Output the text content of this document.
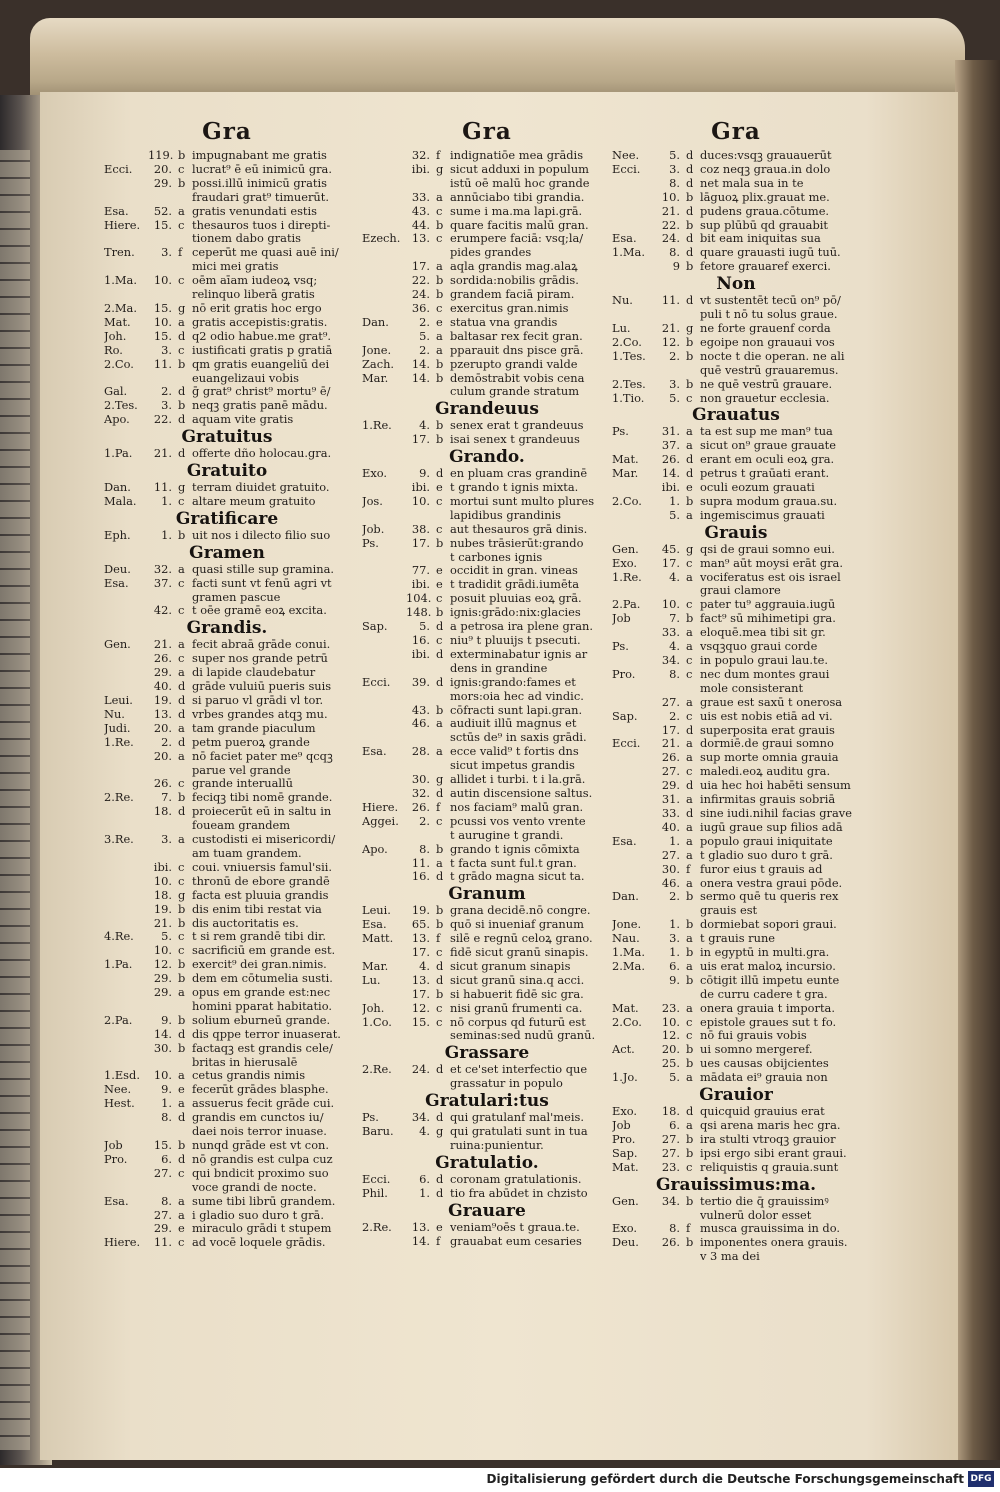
Gra
119. b impugnabant me gratis
Ecci.	20. c lucrat⁹ ē eū inimicū gra.
29. b possi.illū inimicū gratis
fraudari grat⁹ timuerūt.
Esa.	52. a gratis venundati estis
Hiere.	15. c thesauros tuos i direpti-
tionem dabo gratis
Tren.	3. f ceperūt me quasi auē ini/
mici mei gratis
1.Ma.	10. c oēm aīam iudeoꝝ vsq;
relinquo liberā gratis
2.Ma.	15. g nō erit gratis hoc ergo
Mat.	10. a gratis accepistis:gratis.
Joh.	15. d q2 odio habue.me grat⁹.
Ro.	3. c iustificati gratis p gratiā
2.Co.	11. b qm gratis euangeliū dei
euangelizaui vobis
Gal.	2. d ḡ grat⁹ christ⁹ mortu⁹ ē/
2.Tes.	3. b neqꝫ gratis panē mādu.
Apo.	22. d aquam vite gratis
Gratuitus
1.Pa.	21. d offerte dño holocau.gra.
Gratuito
Dan.	11. g terram diuidet gratuito.
Mala.	1. c altare meum gratuito
Gratificare
Eph.	1. b uit nos i dilecto filio suo
Gramen
Deu.	32. a quasi stille sup gramina.
Esa.	37. c facti sunt vt fenū agri vt
gramen pascue
42. c t oēe gramē eoꝝ excita.
Grandis.
Gen.	21. a fecit abraā grāde conui.
26. c super nos grande petrū
29. a di lapide claudebatur
40. d grāde vuluiū pueris suis
Leui.	19. d si paruo vl grādi vl tor.
Nu.	13. d vrbes grandes atqꝫ mu.
Judi.	20. a tam grande piaculum
1.Re.	2. d petm pueroꝝ grande
20. a nō faciet pater me⁹ qcqꝫ
parue vel grande
26. c grande interuallū
2.Re.	7. b feciqꝫ tibi nomē grande.
18. d proiecerūt eū in saltu in
foueam grandem
3.Re.	3. a custodisti ei misericordi/
am tuam grandem.
ibi. c coui. vniuersis famul'sii.
10. c thronū de ebore grandē
18. g facta est pluuia grandis
19. b dis enim tibi restat via
21. b dis auctoritatis es.
4.Re.	5. c t si rem grandē tibi dir.
10. c sacrificiū em grande est.
1.Pa.	12. b exercit⁹ dei gran.nimis.
29. b dem em cōtumelia susti.
29. a opus em grande est:nec
homini pparat habitatio.
2.Pa.	9. b solium eburneū grande.
14. d dis qppe terror inuaserat.
30. b factaqꝫ est grandis cele/
britas in hierusalē
1.Esd.	10. a cetus grandis nimis
Nee.	9. e fecerūt grādes blasphe.
Hest.	1. a assuerus fecit grāde cui.
8. d grandis em cunctos iu/
daei nois terror inuase.
Job	15. b nunqd grāde est vt con.
Pro.	6. d nō grandis est culpa cuz
27. c qui bndicit proximo suo
voce grandi de nocte.
Esa.	8. a sume tibi librū grandem.
27. a i gladio suo duro t grā.
29. e miraculo grādi t stupem
Hiere.	11. c ad vocē loquele grādis.
Gra
32. f indignatiōe mea grādis
ibi. g sicut adduxi in populum
istū oē malū hoc grande
33. a annūciabo tibi grandia.
43. c sume i ma.ma lapi.grā.
44. b quare facitis malū gran.
Ezech.	13. c erumpere faciā: vsq;la/
pides grandes
17. a aqla grandis mag.alaꝝ
22. b sordida:nobilis grādis.
24. b grandem faciā piram.
36. c exercitus gran.nimis
Dan.	2. e statua vna grandis
5. a baltasar rex fecit gran.
Jone.	2. a pparauit dns pisce grā.
Zach.	14. b pzerupto grandi valde
Mar.	14. b demōstrabit vobis cena
culum grande stratum
Grandeuus
1.Re.	4. b senex erat t grandeuus
17. b isai senex t grandeuus
Grando.
Exo.	9. d en pluam cras grandinē
ibi. e t grando t ignis mixta.
Jos.	10. c mortui sunt multo plures
lapidibus grandinis
Job.	38. c aut thesauros grā dinis.
Ps.	17. b nubes trāsierūt:grando
t carbones ignis
77. e occidit in gran. vineas
ibi. e t tradidit grādi.iumēta
104. c posuit pluuias eoꝝ grā.
148. b ignis:grādo:nix:glacies
Sap.	5. d a petrosa ira plene gran.
16. c niu⁹ t pluuijs t psecuti.
ibi. d exterminabatur ignis ar
dens in grandine
Ecci.	39. d ignis:grando:fames et
mors:oia hec ad vindic.
43. b cōfracti sunt lapi.gran.
46. a audiuit illū magnus et
sctūs de⁹ in saxis grādi.
Esa.	28. a ecce valid⁹ t fortis dns
sicut impetus grandis
30. g allidet i turbi. t i la.grā.
32. d autin discensione saltus.
Hiere.	26. f nos faciam⁹ malū gran.
Aggei.	2. c pcussi vos vento vrente
t aurugine t grandi.
Apo.	8. b grando t ignis cōmixta
11. a t facta sunt ful.t gran.
16. d t grādo magna sicut ta.
Granum
Leui.	19. b grana decidē.nō congre.
Esa.	65. b quō si inueniaf granum
Matt.	13. f silē e regnū celoꝝ grano.
17. c fidē sicut granū sinapis.
Mar.	4. d sicut granum sinapis
Lu.	13. d sicut granū sina.q acci.
17. b si habuerit fidē sic gra.
Joh.	12. c nisi granū frumenti ca.
1.Co.	15. c nō corpus qd futurū est
seminas:sed nudū granū.
Grassare
2.Re.	24. d et ce'set interfectio que
grassatur in populo
Gratulari:tus
Ps.	34. d qui gratulanf mal'meis.
Baru.	4. g qui gratulati sunt in tua
ruina:punientur.
Gratulatio.
Ecci.	6. d coronam gratulationis.
Phil.	1. d tio fra abūdet in chzisto
Grauare
2.Re.	13. e veniam⁹oēs t graua.te.
14. f grauabat eum cesaries
Gra
Nee.	5. d duces:vsqꝫ grauauerūt
Ecci.	3. d coz neqꝫ graua.in dolo
8. d net mala sua in te
10. b lāguoꝝ plix.grauat me.
21. d pudens graua.cōtume.
22. b sup plūbū qd grauabit
Esa.	24. d bit eam iniquitas sua
1.Ma.	8. d quare grauasti iugū tuū.
9 b fetore grauaref exerci.
Non
Nu.	11. d vt sustentēt tecū on⁹ pō/
puli t nō tu solus graue.
Lu.	21. g ne forte grauenf corda
2.Co.	12. b egoipe non grauaui vos
1.Tes.	2. b nocte t die operan. ne ali
quē vestrū grauaremus.
2.Tes.	3. b ne quē vestrū grauare.
1.Tio.	5. c non grauetur ecclesia.
Grauatus
Ps.	31. a ta est sup me man⁹ tua
37. a sicut on⁹ graue grauate
Mat.	26. d erant em oculi eoꝝ gra.
Mar.	14. d petrus t graūati erant.
ibi. e oculi eozum grauati
2.Co.	1. b supra modum graua.su.
5. a ingemiscimus grauati
Grauis
Gen.	45. g qsi de graui somno eui.
Exo.	17. c man⁹ aūt moysi erāt gra.
1.Re.	4. a vociferatus est ois israel
graui clamore
2.Pa.	10. c pater tu⁹ aggrauia.iugū
Job	7. b fact⁹ sū mihimetipi gra.
33. a eloquē.mea tibi sit gr.
Ps.	4. a vsqꝫquo graui corde
34. c in populo graui lau.te.
Pro.	8. c nec dum montes graui
mole consisterant
27. a graue est saxū t onerosa
Sap.	2. c uis est nobis etiā ad vi.
17. d superposita erat grauis
Ecci.	21. a dormiē.de graui somno
26. a sup morte omnia grauia
27. c maledi.eoꝝ auditu gra.
29. d uia hec hoi habēti sensum
31. a infirmitas grauis sobriā
33. d sine iudi.nihil facias grave
40. a iugū graue sup filios adā
Esa.	1. a populo graui iniquitate
27. a t gladio suo duro t grā.
30. f furor eius t grauis ad
46. a onera vestra graui pōde.
Dan.	2. b sermo quē tu queris rex
grauis est
Jone.	1. b dormiebat sopori graui.
Nau.	3. a t grauis rune
1.Ma.	1. b in egyptū in multi.gra.
2.Ma.	6. a uis erat maloꝝ incursio.
9. b cōtigit illū impetu eunte
de curru cadere t gra.
Mat.	23. a onera grauia t importa.
2.Co.	10. c epistole graues sut t fo.
12. c nō fui grauis vobis
Act.	20. b ui somno mergeref.
25. b ues causas obijcientes
1.Jo.	5. a mādata ei⁹ grauia non
Grauior
Exo.	18. d quicquid grauius erat
Job	6. a qsi arena maris hec gra.
Pro.	27. b ira stulti vtroqꝫ grauior
Sap.	27. b ipsi ergo sibi erant graui.
Mat.	23. c reliquistis q grauia.sunt
Grauissimus:ma.
Gen.	34. b tertio die q̄ grauissimꝰ
vulnerū dolor esset
Exo.	8. f musca grauissima in do.
Deu.	26. b imponentes onera grauis.
v 3 ma dei
Digitalisierung gefördert durch die Deutsche Forschungsgemeinschaft DFG
